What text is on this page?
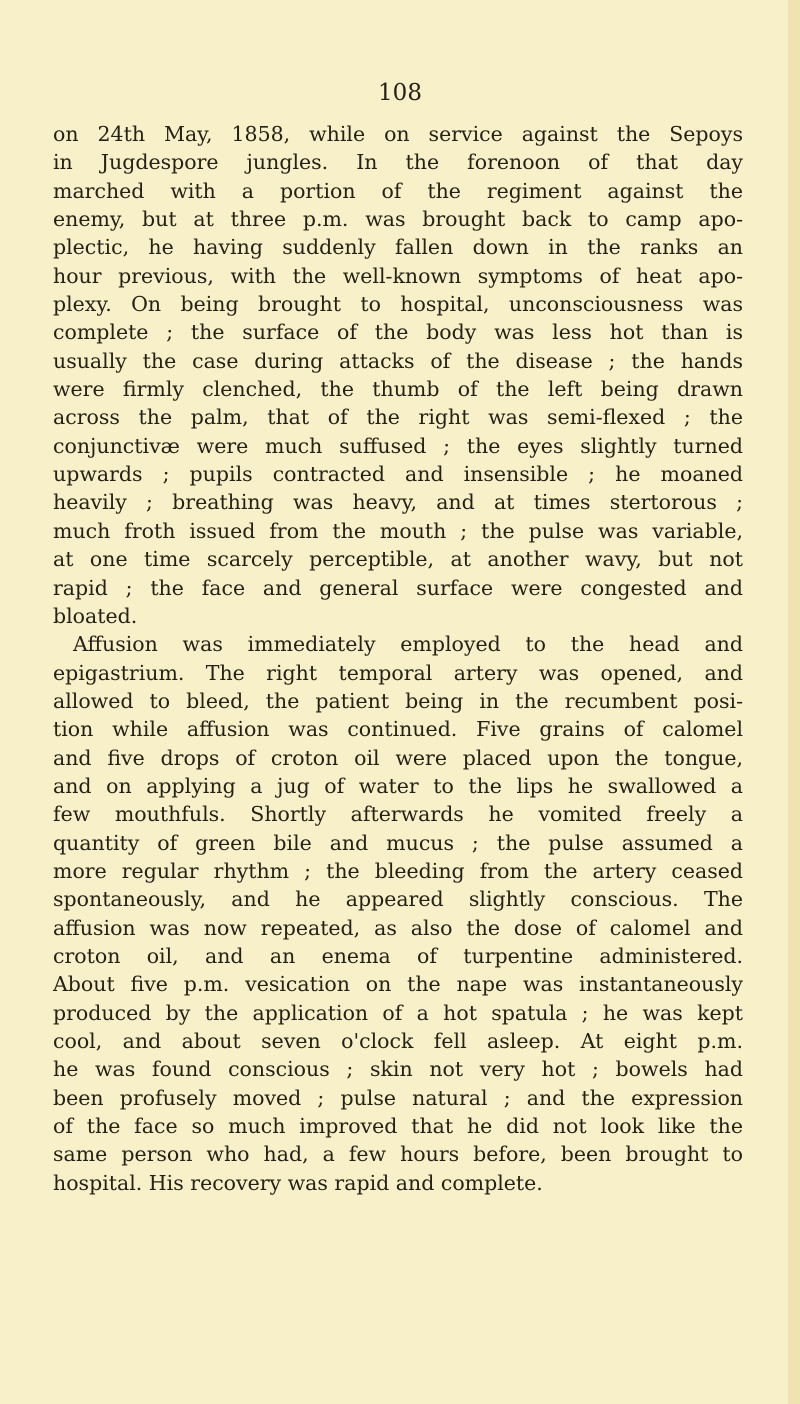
108
on 24th May, 1858, while on service against the Sepoys
in Jugdespore jungles. In the forenoon of that day
marched with a portion of the regiment against the
enemy, but at three p.m. was brought back to camp apo-
plectic, he having suddenly fallen down in the ranks an
hour previous, with the well-known symptoms of heat apo-
plexy. On being brought to hospital, unconsciousness was
complete ; the surface of the body was less hot than is
usually the case during attacks of the disease ; the hands
were firmly clenched, the thumb of the left being drawn
across the palm, that of the right was semi-flexed ; the
conjunctivæ were much suffused ; the eyes slightly turned
upwards ; pupils contracted and insensible ; he moaned
heavily ; breathing was heavy, and at times stertorous ;
much froth issued from the mouth ; the pulse was variable,
at one time scarcely perceptible, at another wavy, but not
rapid ; the face and general surface were congested and
bloated.
Affusion was immediately employed to the head and
epigastrium. The right temporal artery was opened, and
allowed to bleed, the patient being in the recumbent posi-
tion while affusion was continued. Five grains of calomel
and five drops of croton oil were placed upon the tongue,
and on applying a jug of water to the lips he swallowed a
few mouthfuls. Shortly afterwards he vomited freely a
quantity of green bile and mucus ; the pulse assumed a
more regular rhythm ; the bleeding from the artery ceased
spontaneously, and he appeared slightly conscious. The
affusion was now repeated, as also the dose of calomel and
croton oil, and an enema of turpentine administered.
About five p.m. vesication on the nape was instantaneously
produced by the application of a hot spatula ; he was kept
cool, and about seven o'clock fell asleep. At eight p.m.
he was found conscious ; skin not very hot ; bowels had
been profusely moved ; pulse natural ; and the expression
of the face so much improved that he did not look like the
same person who had, a few hours before, been brought to
hospital. His recovery was rapid and complete.
